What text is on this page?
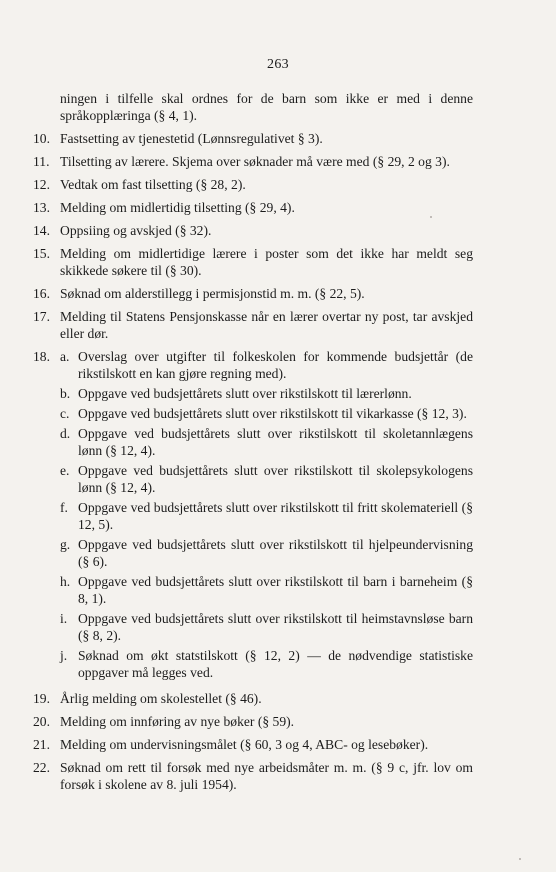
263

ningen i tilfelle skal ordnes for de barn som ikke er med i denne språkopplæringa (§ 4, 1).

10. Fastsetting av tjenestetid (Lønnsregulativet § 3).
11. Tilsetting av lærere. Skjema over søknader må være med (§ 29, 2 og 3).
12. Vedtak om fast tilsetting (§ 28, 2).
13. Melding om midlertidig tilsetting (§ 29, 4).
14. Oppsiing og avskjed (§ 32).
15. Melding om midlertidige lærere i poster som det ikke har meldt seg skikkede søkere til (§ 30).
16. Søknad om alderstillegg i permisjonstid m. m. (§ 22, 5).
17. Melding til Statens Pensjonskasse når en lærer overtar ny post, tar avskjed eller dør.
18. a. Overslag over utgifter til folkeskolen for kommende budsjettår (de rikstilskott en kan gjøre regning med).
b. Oppgave ved budsjettårets slutt over rikstilskott til lærerlønn.
c. Oppgave ved budsjettårets slutt over rikstilskott til vikarkasse (§ 12, 3).
d. Oppgave ved budsjettårets slutt over rikstilskott til skoletannlægens lønn (§ 12, 4).
e. Oppgave ved budsjettårets slutt over rikstilskott til skolepsykologens lønn (§ 12, 4).
f. Oppgave ved budsjettårets slutt over rikstilskott til fritt skolemateriell (§ 12, 5).
g. Oppgave ved budsjettårets slutt over rikstilskott til hjelpeundervisning (§ 6).
h. Oppgave ved budsjettårets slutt over rikstilskott til barn i barneheim (§ 8, 1).
i. Oppgave ved budsjettårets slutt over rikstilskott til heimstavnsløse barn (§ 8, 2).
j. Søknad om økt statstilskott (§ 12, 2) — de nødvendige statistiske oppgaver må legges ved.
19. Årlig melding om skolestellet (§ 46).
20. Melding om innføring av nye bøker (§ 59).
21. Melding om undervisningsmålet (§ 60, 3 og 4, ABC- og lesebøker).
22. Søknad om rett til forsøk med nye arbeidsmåter m. m. (§ 9 c, jfr. lov om forsøk i skolene av 8. juli 1954).
